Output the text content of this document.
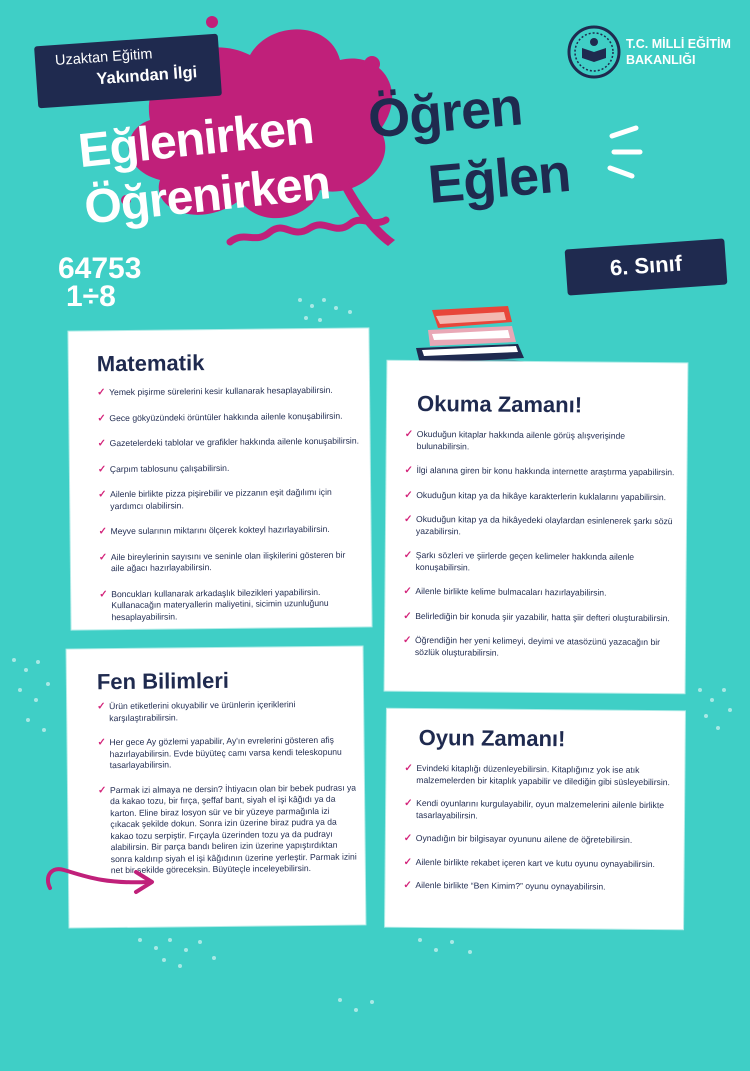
Uzaktan Eğitim
Yakından İlgi
Eğlenirken Öğren
Öğrenirken Eğlen
T.C. MİLLİ EĞİTİM BAKANLIĞI
6. Sınıf
64753
1÷8
Matematik
✓ Yemek pişirme sürelerini kesir kullanarak hesaplayabilirsin.
✓ Gece gökyüzündeki örüntüler hakkında ailenle konuşabilirsin.
✓ Gazetelerdeki tablolar ve grafikler hakkında ailenle konuşabilirsin.
✓ Çarpım tablosunu çalışabilirsin.
✓ Ailenle birlikte pizza pişirebilir ve pizzanın eşit dağılımı için yardımcı olabilirsin.
✓ Meyve sularının miktarını ölçerek kokteyl hazırlayabilirsin.
✓ Aile bireylerinin sayısını ve seninle olan ilişkilerini gösteren bir aile ağacı hazırlayabilirsin.
✓ Boncukları kullanarak arkadaşlık bilezikleri yapabilirsin. Kullanacağın materyallerin maliyetini, sicimin uzunluğunu hesaplayabilirsin.
Okuma Zamanı!
✓ Okuduğun kitaplar hakkında ailenle görüş alışverişinde bulunabilirsin.
✓ İlgi alanına giren bir konu hakkında internette araştırma yapabilirsin.
✓ Okuduğun kitap ya da hikâye karakterlerin kuklalarını yapabilirsin.
✓ Okuduğun kitap ya da hikâyedeki olaylardan esinlenerek şarkı sözü yazabilirsin.
✓ Şarkı sözleri ve şiirlerde geçen kelimeler hakkında ailenle konuşabilirsin.
✓ Ailenle birlikte kelime bulmacaları hazırlayabilirsin.
✓ Belirlediğin bir konuda şiir yazabilir, hatta şiir defteri oluşturabilirsin.
✓ Öğrendiğin her yeni kelimeyi, deyimi ve atasözünü yazacağın bir sözlük oluşturabilirsin.
Fen Bilimleri
✓ Ürün etiketlerini okuyabilir ve ürünlerin içeriklerini karşılaştırabilirsin.
✓ Her gece Ay gözlemi yapabilir, Ay'ın evrelerini gösteren afiş hazırlayabilirsin. Evde büyüteç camı varsa kendi teleskopunu tasarlayabilirsin.
✓ Parmak izi almaya ne dersin? İhtiyacın olan bir bebek pudrası ya da kakao tozu, bir fırça, şeffaf bant, siyah el işi kâğıdı ya da karton. Eline biraz losyon sür ve bir yüzeye parmağınla izi çıkacak şekilde dokun. Sonra izin üzerine biraz pudra ya da kakao tozu serpiştir. Fırçayla üzerinden tozu ya da pudrayı alabilirsin. Bir parça bandı beliren izin üzerine yapıştırdıktan sonra kaldırıp siyah el işi kâğıdının üzerine yerleştir. Parmak izini net bir şekilde göreceksin. Büyüteçle inceleyebilirsin.
Oyun Zamanı!
✓ Evindeki kitaplığı düzenleyebilirsin. Kitaplığınız yok ise atık malzemelerden bir kitaplık yapabilir ve dilediğin gibi süsleyebilirsin.
✓ Kendi oyunlarını kurgulayabilir, oyun malzemelerini ailenle birlikte tasarlayabilirsin.
✓ Oynadığın bir bilgisayar oyununu ailene de öğretebilirsin.
✓ Ailenle birlikte rekabet içeren kart ve kutu oyunu oynayabilirsin.
✓ Ailenle birlikte “Ben Kimim?” oyunu oynayabilirsin.
